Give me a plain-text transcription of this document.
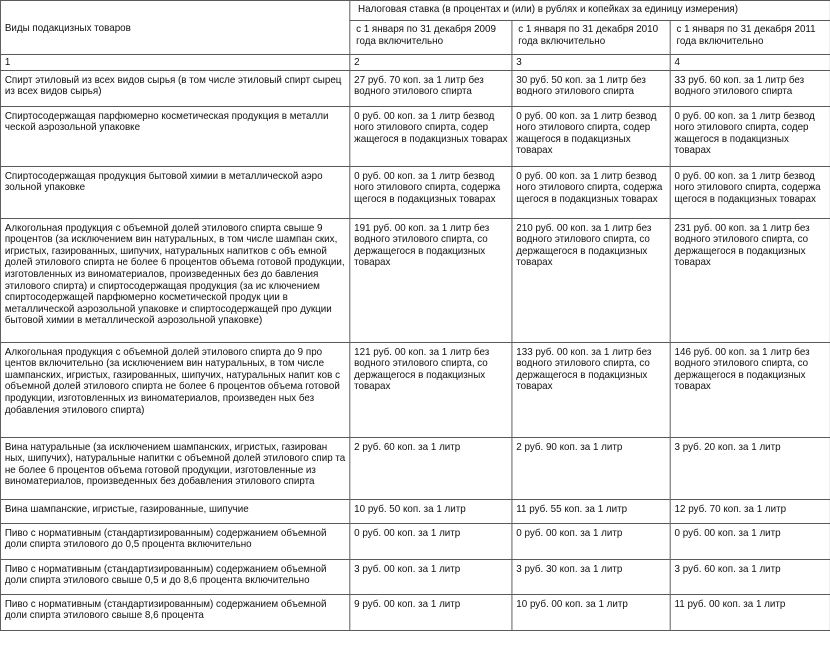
Виды подакцизных товаров	Налоговая ставка (в процентах и (или) в рублях и копейках за единицу измерения)		
	с 1 января по 31 декабря 2009 года включительно	с 1 января по 31 декабря 2010 года включительно	с 1 января по 31 декабря 2011 года включительно
1	2	3	4
Спирт этиловый из всех видов сырья (в том числе этиловый спирт сырец из всех видов сырья)	27 руб. 70 коп. за 1 литр без водного этилового спирта	30 руб. 50 коп. за 1 литр без водного этилового спирта	33 руб. 60 коп. за 1 литр без водного этилового спирта
Спиртосодержащая парфюмерно косметическая продукция в металли ческой аэрозольной упаковке	0 руб. 00 коп. за 1 литр безвод ного этилового спирта, содер жащегося в подакцизных товарах	0 руб. 00 коп. за 1 литр безвод ного этилового спирта, содер жащегося в подакцизных товарах	0 руб. 00 коп. за 1 литр безвод ного этилового спирта, содер жащегося в подакцизных товарах
Спиртосодержащая продукция бытовой химии в металлической аэро зольной упаковке	0 руб. 00 коп. за 1 литр безвод ного этилового спирта, содержа щегося в подакцизных товарах	0 руб. 00 коп. за 1 литр безвод ного этилового спирта, содержа щегося в подакцизных товарах	0 руб. 00 коп. за 1 литр безвод ного этилового спирта, содержа щегося в подакцизных товарах
Алкогольная продукция с объемной долей этилового спирта свыше 9 процентов (за исключением вин натуральных, в том числе шампан ских, игристых, газированных, шипучих, натуральных напитков с объ емной долей этилового спирта не более 6 процентов объема готовой продукции, изготовленных из виноматериалов, произведенных без до бавления этилового спирта) и спиртосодержащая продукция (за ис ключением спиртосодержащей парфюмерно косметической продук ции в металлической аэрозольной упаковке и спиртосодержащей про дукции бытовой химии в металлической аэрозольной упаковке)	191 руб. 00 коп. за 1 литр без водного этилового спирта, со держащегося в подакцизных товарах	210 руб. 00 коп. за 1 литр без водного этилового спирта, со держащегося в подакцизных товарах	231 руб. 00 коп. за 1 литр без водного этилового спирта, со держащегося в подакцизных товарах
Алкогольная продукция с объемной долей этилового спирта до 9 про центов включительно (за исключением вин натуральных, в том числе шампанских, игристых, газированных, шипучих, натуральных напит ков с объемной долей этилового спирта не более 6 процентов объема готовой продукции, изготовленных из виноматериалов, произведен ных без добавления этилового спирта)	121 руб. 00 коп. за 1 литр без водного этилового спирта, со держащегося в подакцизных товарах	133 руб. 00 коп. за 1 литр без водного этилового спирта, со держащегося в подакцизных товарах	146 руб. 00 коп. за 1 литр без водного этилового спирта, со держащегося в подакцизных товарах
Вина натуральные (за исключением шампанских, игристых, газирован ных, шипучих), натуральные напитки с объемной долей этилового спир та не более 6 процентов объема готовой продукции, изготовленные из виноматериалов, произведенных без добавления этилового спирта	2 руб. 60 коп. за 1 литр	2 руб. 90 коп. за 1 литр	3 руб. 20 коп. за 1 литр
Вина шампанские, игристые, газированные, шипучие	10 руб. 50 коп. за 1 литр	11 руб. 55 коп. за 1 литр	12 руб. 70 коп. за 1 литр
Пиво с нормативным (стандартизированным) содержанием объемной доли спирта этилового до 0,5 процента включительно	0 руб. 00 коп. за 1 литр	0 руб. 00 коп. за 1 литр	0 руб. 00 коп. за 1 литр
Пиво с нормативным (стандартизированным) содержанием объемной доли спирта этилового свыше 0,5 и до 8,6 процента включительно	3 руб. 00 коп. за 1 литр	3 руб. 30 коп. за 1 литр	3 руб. 60 коп. за 1 литр
Пиво с нормативным (стандартизированным) содержанием объемной доли спирта этилового свыше 8,6 процента	9 руб. 00 коп. за 1 литр	10 руб. 00 коп. за 1 литр	11 руб. 00 коп. за 1 литр
